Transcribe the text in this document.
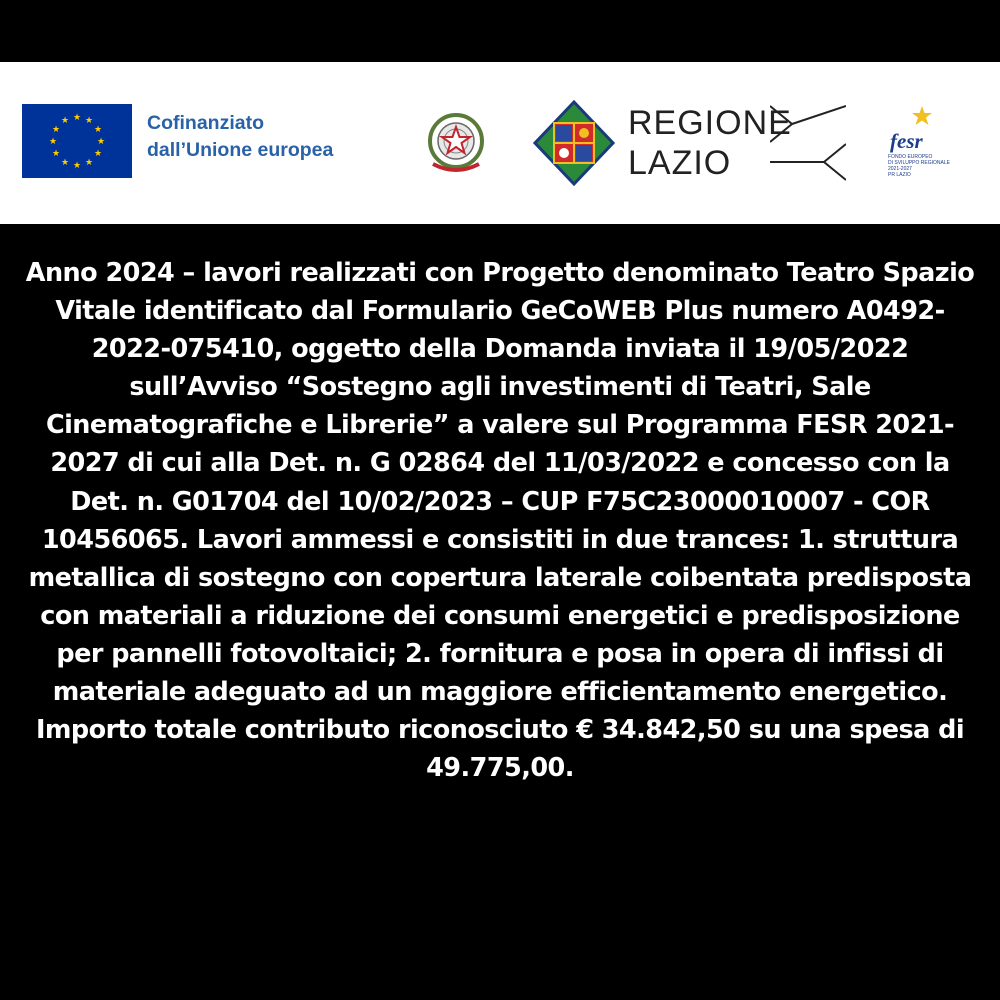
★ ★
★
★
★
★
★
★
★
★
★
★	Cofinanziato
dall’Unione europea
REGIONE
LAZIO
fesr
FONDO EUROPEO
DI SVILUPPO REGIONALE
2021-2027
PR LAZIO

Anno 2024 – lavori realizzati con Progetto denominato Teatro Spazio Vitale identificato dal Formulario GeCoWEB Plus numero A0492-2022-075410, oggetto della Domanda inviata il 19/05/2022 sull’Avviso “Sostegno agli investimenti di Teatri, Sale Cinematografiche e Librerie” a valere sul Programma FESR 2021-2027 di cui alla Det. n. G 02864 del 11/03/2022 e concesso con la Det. n. G01704 del 10/02/2023 – CUP F75C23000010007 - COR 10456065. Lavori ammessi e consistiti in due trances: 1. struttura metallica di sostegno con copertura laterale coibentata predisposta con materiali a riduzione dei consumi energetici e predisposizione per pannelli fotovoltaici; 2. fornitura e posa in opera di infissi di materiale adeguato ad un maggiore efficientamento energetico. Importo totale contributo riconosciuto € 34.842,50 su una spesa di 49.775,00.
